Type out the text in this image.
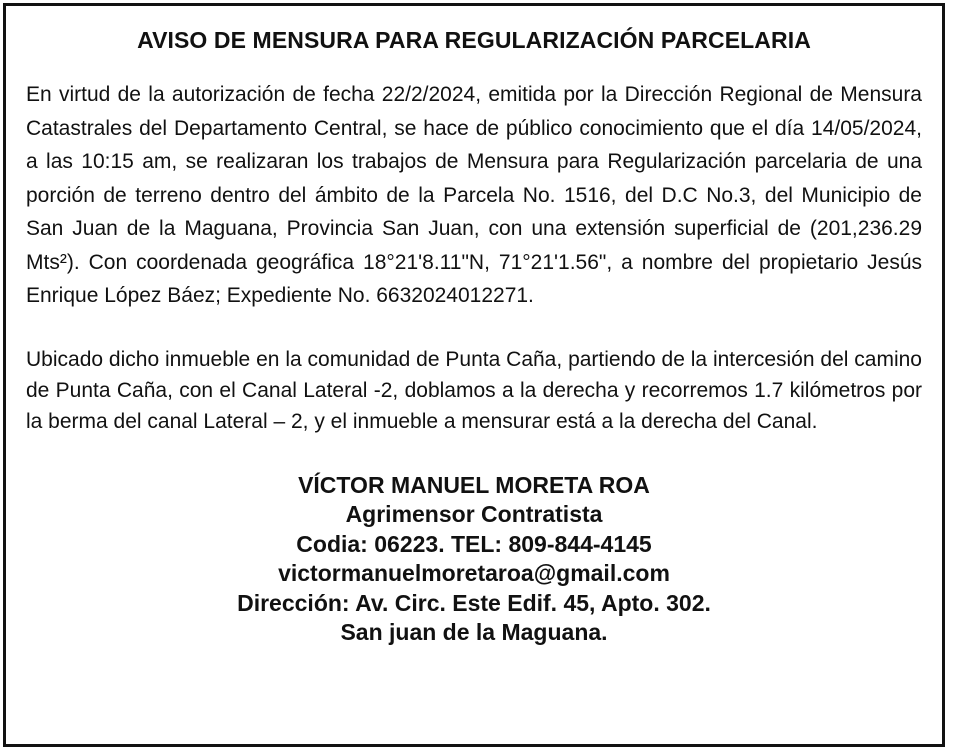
AVISO DE MENSURA PARA REGULARIZACIÓN PARCELARIA

En virtud de la autorización de fecha 22/2/2024, emitida por la Dirección Regional de Mensura Catastrales del Departamento Central, se hace de público conocimiento que el día 14/05/2024, a las 10:15 am, se realizaran los trabajos de Mensura para Regularización parcelaria de una porción de terreno dentro del ámbito de la Parcela No. 1516, del D.C No.3, del Municipio de San Juan de la Maguana, Provincia San Juan, con una extensión superficial de (201,236.29 Mts²). Con coordenada geográfica 18°21'8.11"N, 71°21'1.56", a nombre del propietario Jesús Enrique López Báez; Expediente No. 6632024012271.

Ubicado dicho inmueble en la comunidad de Punta Caña, partiendo de la intercesión del camino de Punta Caña, con el Canal Lateral -2, doblamos a la derecha y recorremos 1.7 kilómetros por la berma del canal Lateral – 2, y el inmueble a mensurar está a la derecha del Canal.

VÍCTOR MANUEL MORETA ROA
Agrimensor Contratista
Codia: 06223. TEL: 809-844-4145
victormanuelmoretaroa@gmail.com
Dirección: Av. Circ. Este Edif. 45, Apto. 302.
San juan de la Maguana.
